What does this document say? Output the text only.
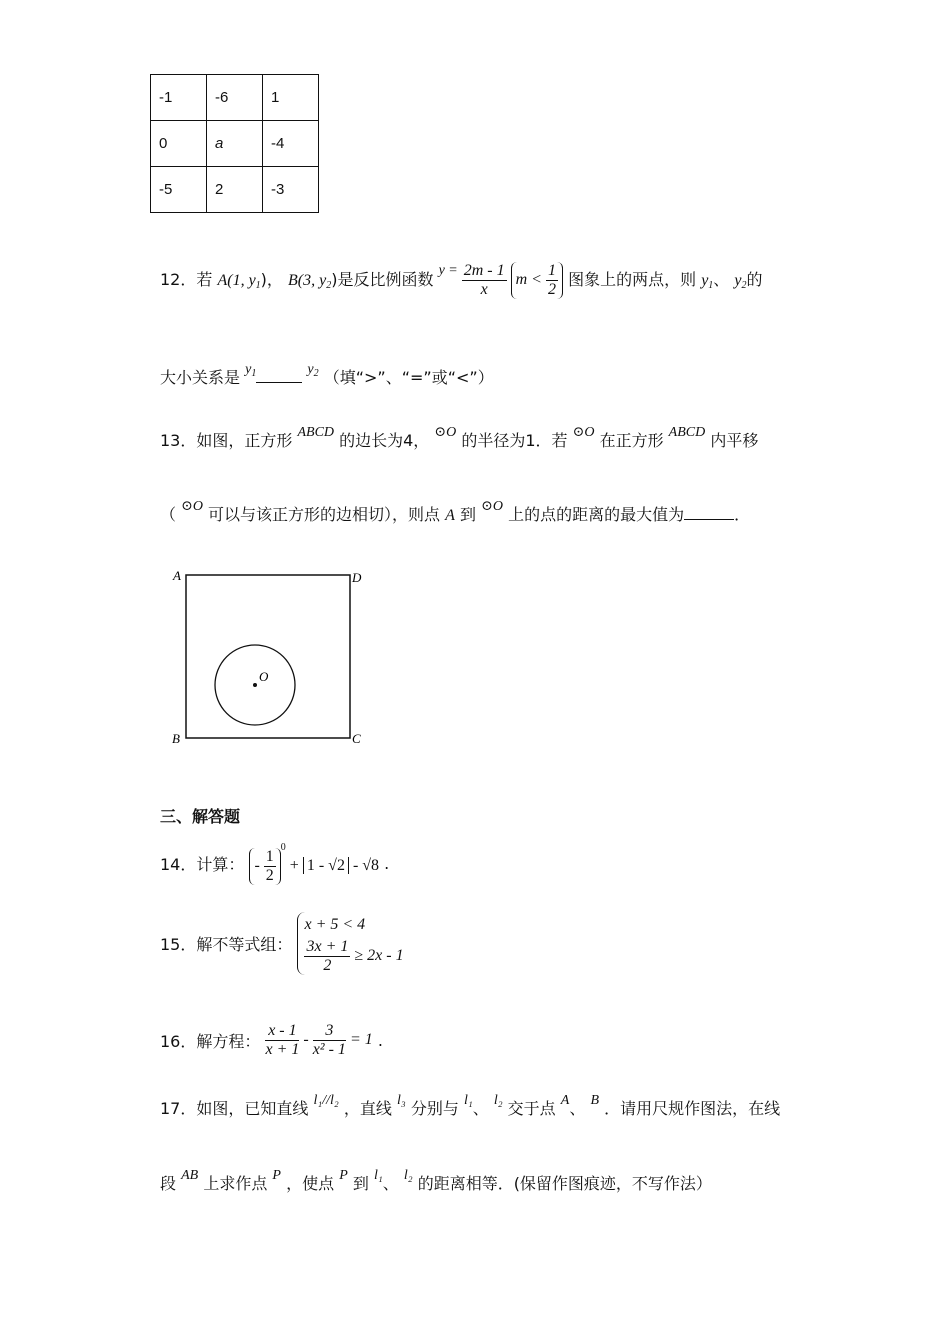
-1	-6	1
0	a	-4
-5	2	-3
12．若 A(1, $y_1$)， B(3, $y_2$)是反比例函数 $y = \frac{2m - 1}{x}$ $m < \frac{1}{2}$ 图象上的两点，则 $y_1$、 $y_2$的
大小关系是 $y_1$	$y_2$ （填“>”、“=”或“<”）
13．如图，正方形 ABCD 的边长为4， ⊙O 的半径为1．若 ⊙O 在正方形 ABCD 内平移
（ ⊙O 可以与该正方形的边相切），则点 A 到 ⊙O 上的点的距离的最大值为	．
A	D
B	C
O
三、解答题
14．计算： - $\frac{1}{2}$
$^0$ + 1 - √2 - √8 .
15．解不等式组：
x + 5 < 4
$\frac{3x + 1}{2} \ge 2x - 1$
16．解方程： $\frac{x - 1}{x + 1} - \frac{3}{\text{x² - 1}} = 1$ .
17．如图，已知直线 l₁//l₂ ，直线 l₃ 分别与 l₁、 l₂ 交于点 A、 B ．请用尺规作图法，在线
段 AB 上求作点 P ，使点 P 到 l₁、 l₂ 的距离相等．(保留作图痕迹，不写作法）
